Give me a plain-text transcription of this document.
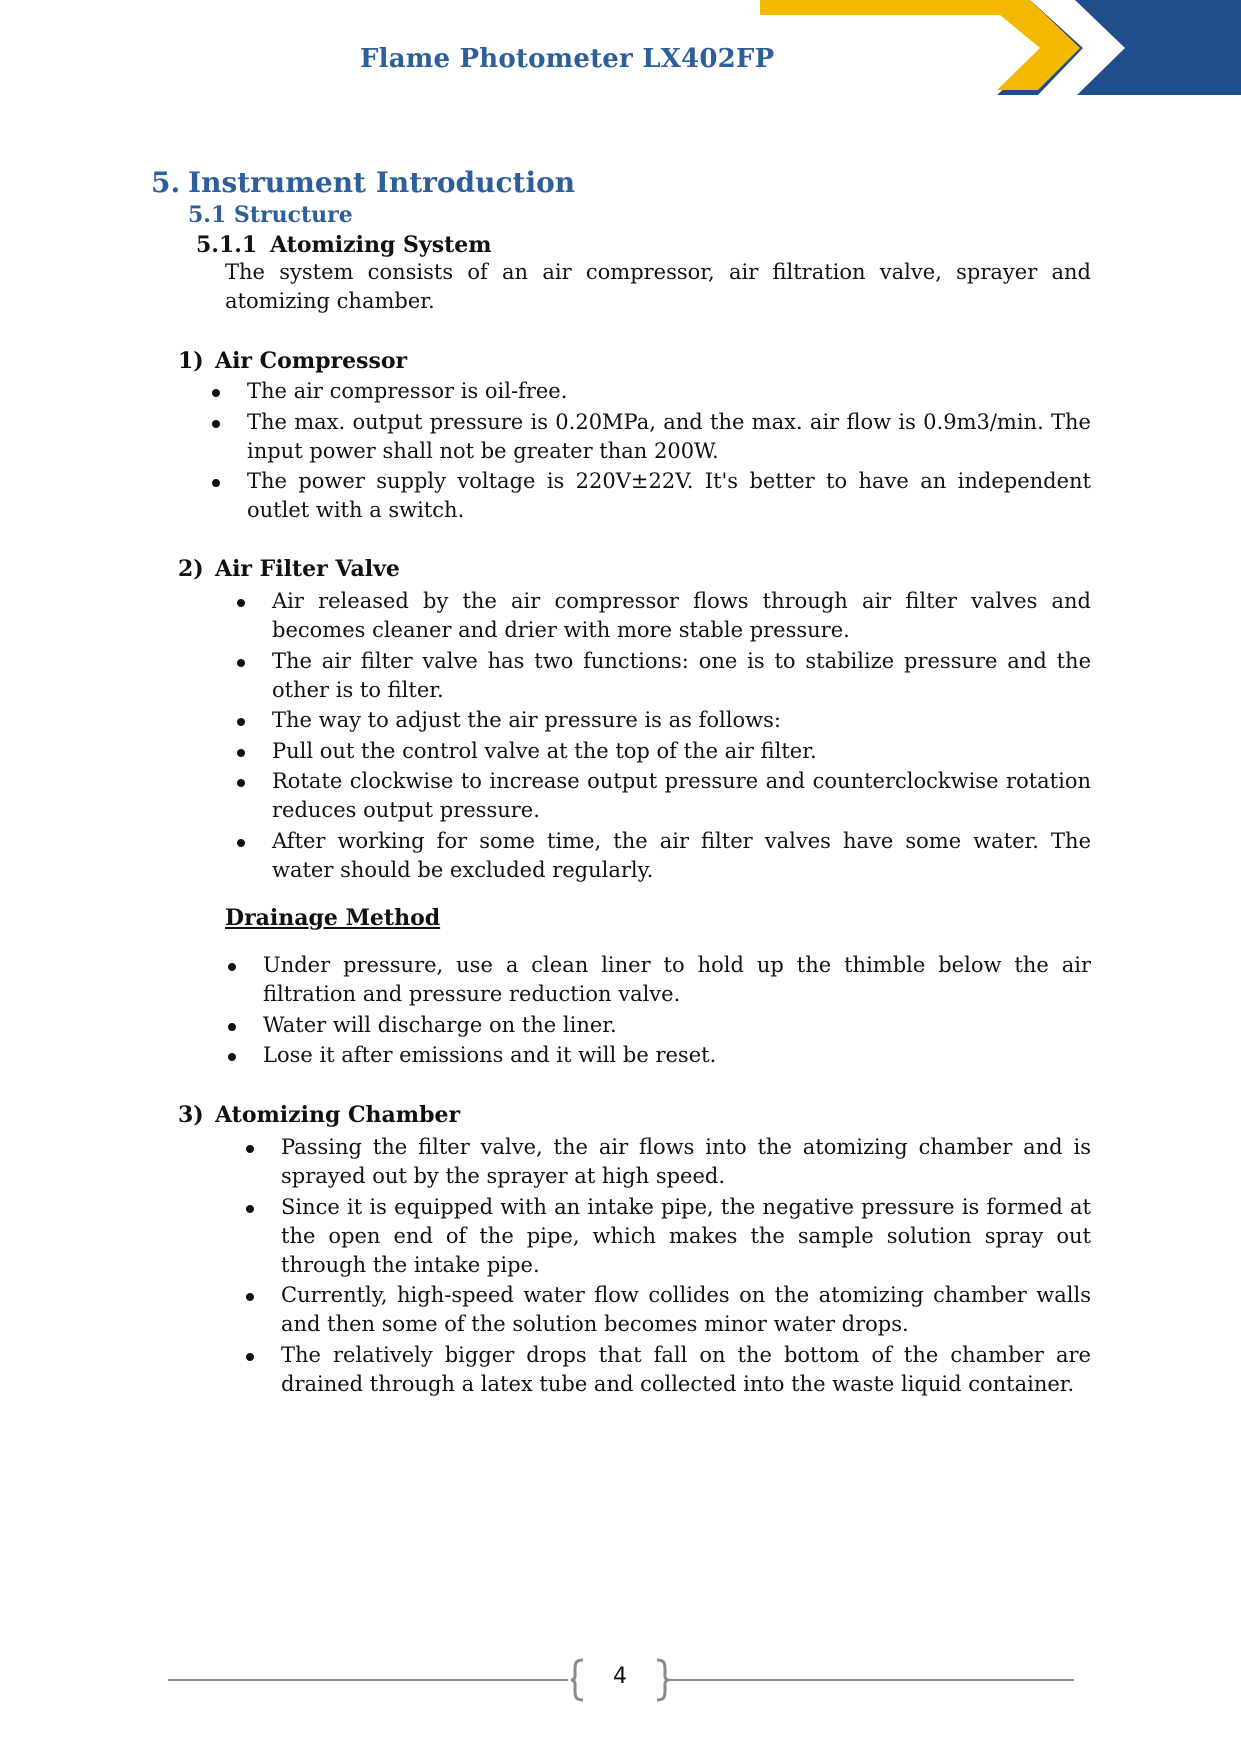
Flame Photometer LX402FP
5. Instrument Introduction
5.1 Structure
5.1.1 Atomizing System

The system consists of an air compressor, air filtration valve, sprayer and atomizing chamber.

1) Air Compressor
The air compressor is oil-free.
The max. output pressure is 0.20MPa, and the max. air flow is 0.9m3/min. The input power shall not be greater than 200W.
The power supply voltage is 220V±22V. It's better to have an independent outlet with a switch.
2) Air Filter Valve
Air released by the air compressor flows through air filter valves and becomes cleaner and drier with more stable pressure.
The air filter valve has two functions: one is to stabilize pressure and the other is to filter.
The way to adjust the air pressure is as follows:
Pull out the control valve at the top of the air filter.
Rotate clockwise to increase output pressure and counterclockwise rotation reduces output pressure.
After working for some time, the air filter valves have some water. The water should be excluded regularly.
Drainage Method
Under pressure, use a clean liner to hold up the thimble below the air filtration and pressure reduction valve.
Water will discharge on the liner.
Lose it after emissions and it will be reset.
3) Atomizing Chamber
Passing the filter valve, the air flows into the atomizing chamber and is sprayed out by the sprayer at high speed.
Since it is equipped with an intake pipe, the negative pressure is formed at the open end of the pipe, which makes the sample solution spray out through the intake pipe.
Currently, high-speed water flow collides on the atomizing chamber walls and then some of the solution becomes minor water drops.
The relatively bigger drops that fall on the bottom of the chamber are drained through a latex tube and collected into the waste liquid container.
4
